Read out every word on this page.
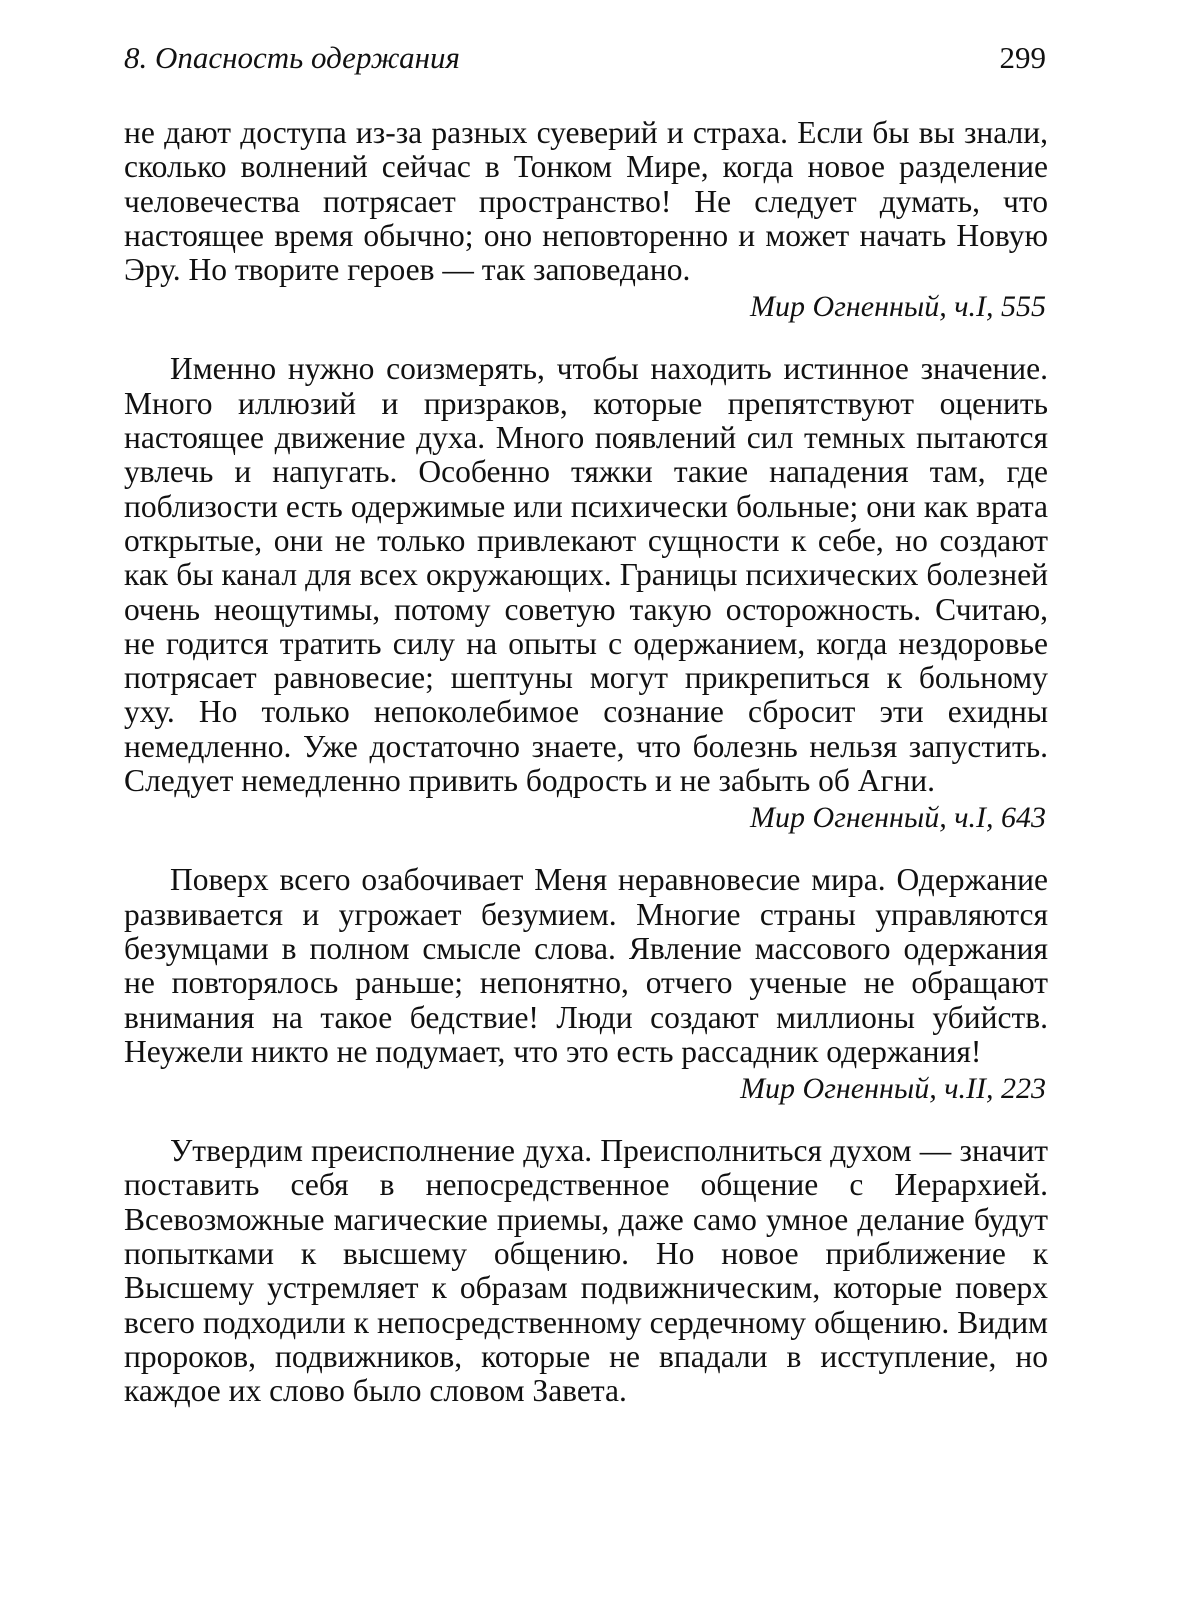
8. Опасность одержания	299

не дают доступа из-за разных суеверий и страха. Если бы вы знали, сколько волнений сейчас в Тонком Мире, когда новое разделение человечества потрясает пространство! Не следует думать, что настоящее время обычно; оно неповторенно и может начать Новую Эру. Но творите героев — так заповедано.

Мир Огненный, ч.I, 555

Именно нужно соизмерять, чтобы находить истинное значение. Много иллюзий и призраков, которые препятствуют оценить настоящее движение духа. Много появлений сил темных пытаются увлечь и напугать. Особенно тяжки такие нападения там, где поблизости есть одержимые или психически больные; они как врата открытые, они не только привлекают сущности к себе, но создают как бы канал для всех окружающих. Границы психических болезней очень неощутимы, потому советую такую осторожность. Считаю, не годится тратить силу на опыты с одержанием, когда нездоровье потрясает равновесие; шептуны могут прикрепиться к больному уху. Но только непоколебимое сознание сбросит эти ехидны немедленно. Уже достаточно знаете, что болезнь нельзя запустить. Следует немедленно привить бодрость и не забыть об Агни.

Мир Огненный, ч.I, 643

Поверх всего озабочивает Меня неравновесие мира. Одержание развивается и угрожает безумием. Многие страны управляются безумцами в полном смысле слова. Явление массового одержания не повторялось раньше; непонятно, отчего ученые не обращают внимания на такое бедствие! Люди создают миллионы убийств. Неужели никто не подумает, что это есть рассадник одержания!

Мир Огненный, ч.II, 223

Утвердим преисполнение духа. Преисполниться духом — значит поставить себя в непосредственное общение с Иерархией. Всевозможные магические приемы, даже само умное делание будут попытками к высшему общению. Но новое приближение к Высшему устремляет к образам подвижническим, которые поверх всего подходили к непосредственному сердечному общению. Видим пророков, подвижников, которые не впадали в исступление, но каждое их слово было словом Завета.
